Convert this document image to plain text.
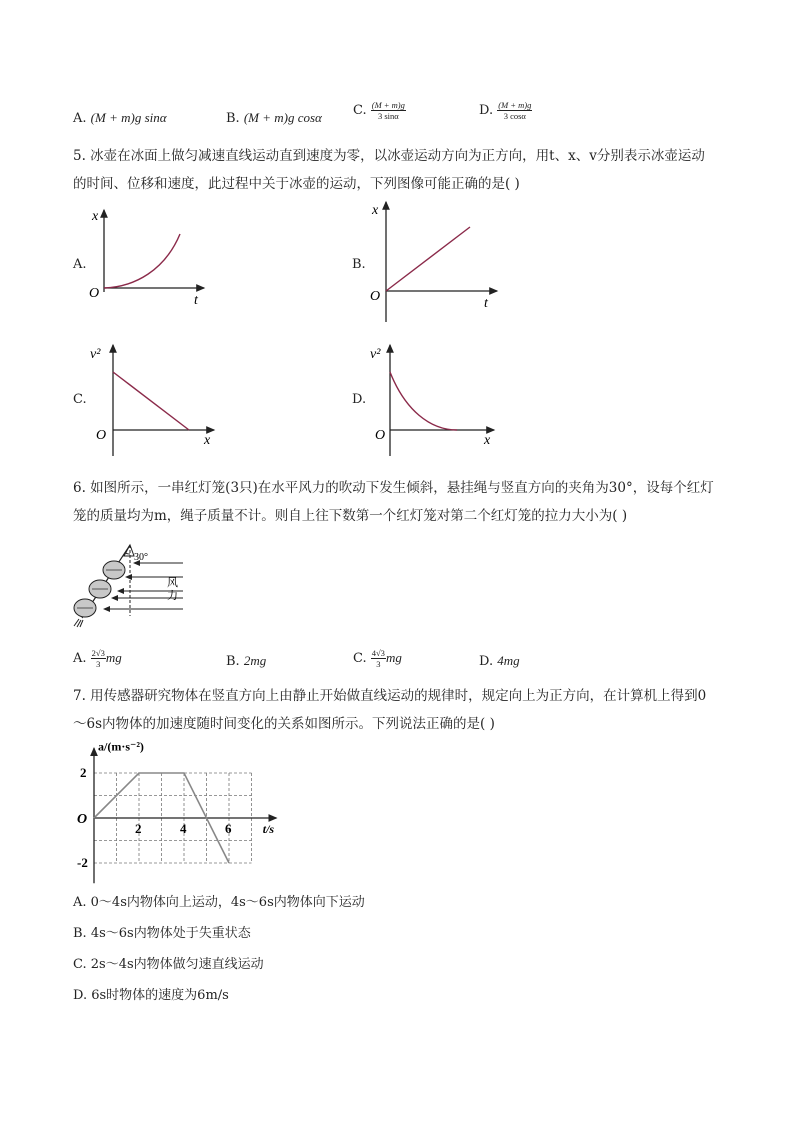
A. (M + m)g sinα	B. (M + m)g cosα C. $\frac{(M + m)g}{3 \sin\alpha}$	D. $\frac{(M + m)g}{3 \cos\alpha}$
5. 冰壶在冰面上做匀减速直线运动直到速度为零，以冰壶运动方向为正方向，用t、x、v分别表示冰壶运动
的时间、位移和速度，此过程中关于冰壶的运动，下列图像可能正确的是( )
A.	B.
C.	D.
x
O	t
x
O	t
v²
O	x
v²
O	x
30°
风
力
2	4	6
2
-2
O
a/(m·s⁻²)
t/s
6. 如图所示，一串红灯笼(3只)在水平风力的吹动下发生倾斜，悬挂绳与竖直方向的夹角为30°，设每个红灯
笼的质量均为m，绳子质量不计。则自上往下数第一个红灯笼对第二个红灯笼的拉力大小为( )
A. $\frac{2√3}{3}$ mg	B. 2mg	C. $\frac{4√3}{3}$ mg	D. 4mg
7. 用传感器研究物体在竖直方向上由静止开始做直线运动的规律时，规定向上为正方向，在计算机上得到0
～6s内物体的加速度随时间变化的关系如图所示。下列说法正确的是( )
A. 0～4s内物体向上运动，4s～6s内物体向下运动
B. 4s～6s内物体处于失重状态
C. 2s～4s内物体做匀速直线运动
D. 6s时物体的速度为6m/s
